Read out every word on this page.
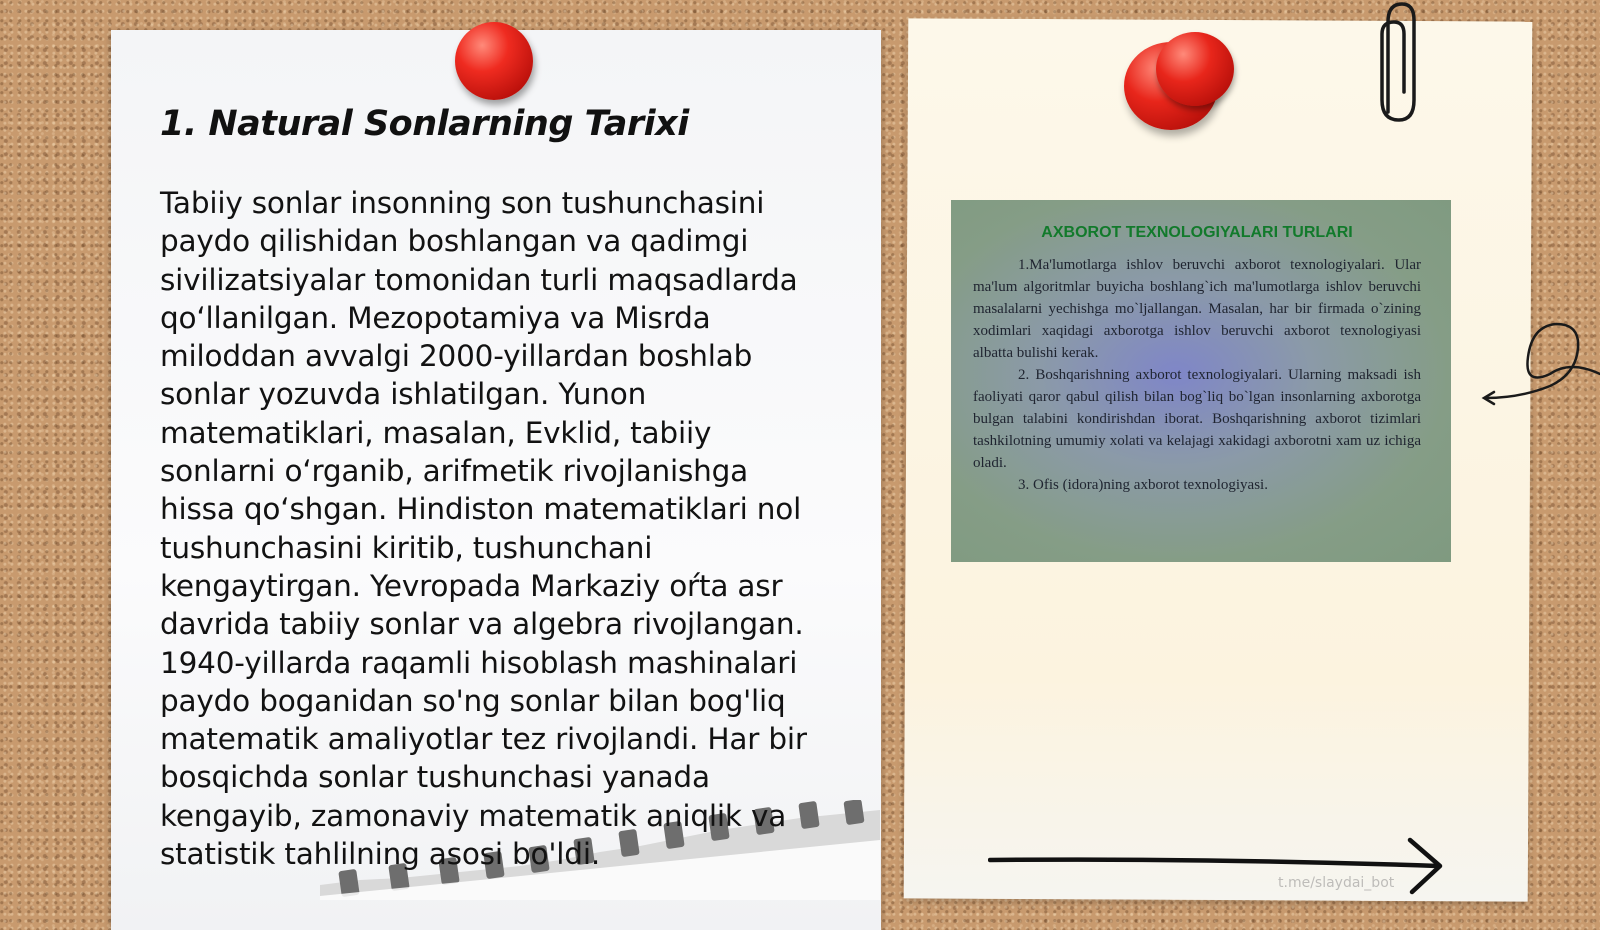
1. Natural Sonlarning Tarixi

Tabiiy sonlar insonning son tushunchasini paydo qilishidan boshlangan va qadimgi sivilizatsiyalar tomonidan turli maqsadlarda qoʻllanilgan. Mezopotamiya va Misrda miloddan avvalgi 2000-yillardan boshlab sonlar yozuvda ishlatilgan. Yunon matematiklari, masalan, Evklid, tabiiy sonlarni oʻrganib, arifmetik rivojlanishga hissa qoʻshgan. Hindiston matematiklari nol tushunchasini kiritib, tushunchani kengaytirgan. Yevropada Markaziy oŕta asr davrida tabiiy sonlar va algebra rivojlangan. 1940-yillarda raqamli hisoblash mashinalari paydo boganidan so'ng sonlar bilan bog'liq matematik amaliyotlar tez rivojlandi. Har bir bosqichda sonlar tushunchasi yanada kengayib, zamonaviy matematik aniqlik va statistik tahlilning asosi bo'ldi.

AXBOROT TEXNOLOGIYALARI TURLARI

1.Ma'lumotlarga ishlov beruvchi axborot texnologiyalari. Ular ma'lum algoritmlar buyicha boshlang`ich ma'lumotlarga ishlov beruvchi masalalarni yechishga mo`ljallangan. Masalan, har bir firmada o`zining xodimlari xaqidagi axborotga ishlov beruvchi axborot texnologiyasi albatta bulishi kerak.

2. Boshqarishning axborot texnologiyalari. Ularning maksadi ish faoliyati qaror qabul qilish bilan bog`liq bo`lgan insonlarning axborotga bulgan talabini kondirishdan iborat. Boshqarishning axborot tizimlari tashkilotning umumiy xolati va kelajagi xakidagi axborotni xam uz ichiga oladi.

3. Ofis (idora)ning axborot texnologiyasi.

t.me/slaydai_bot
